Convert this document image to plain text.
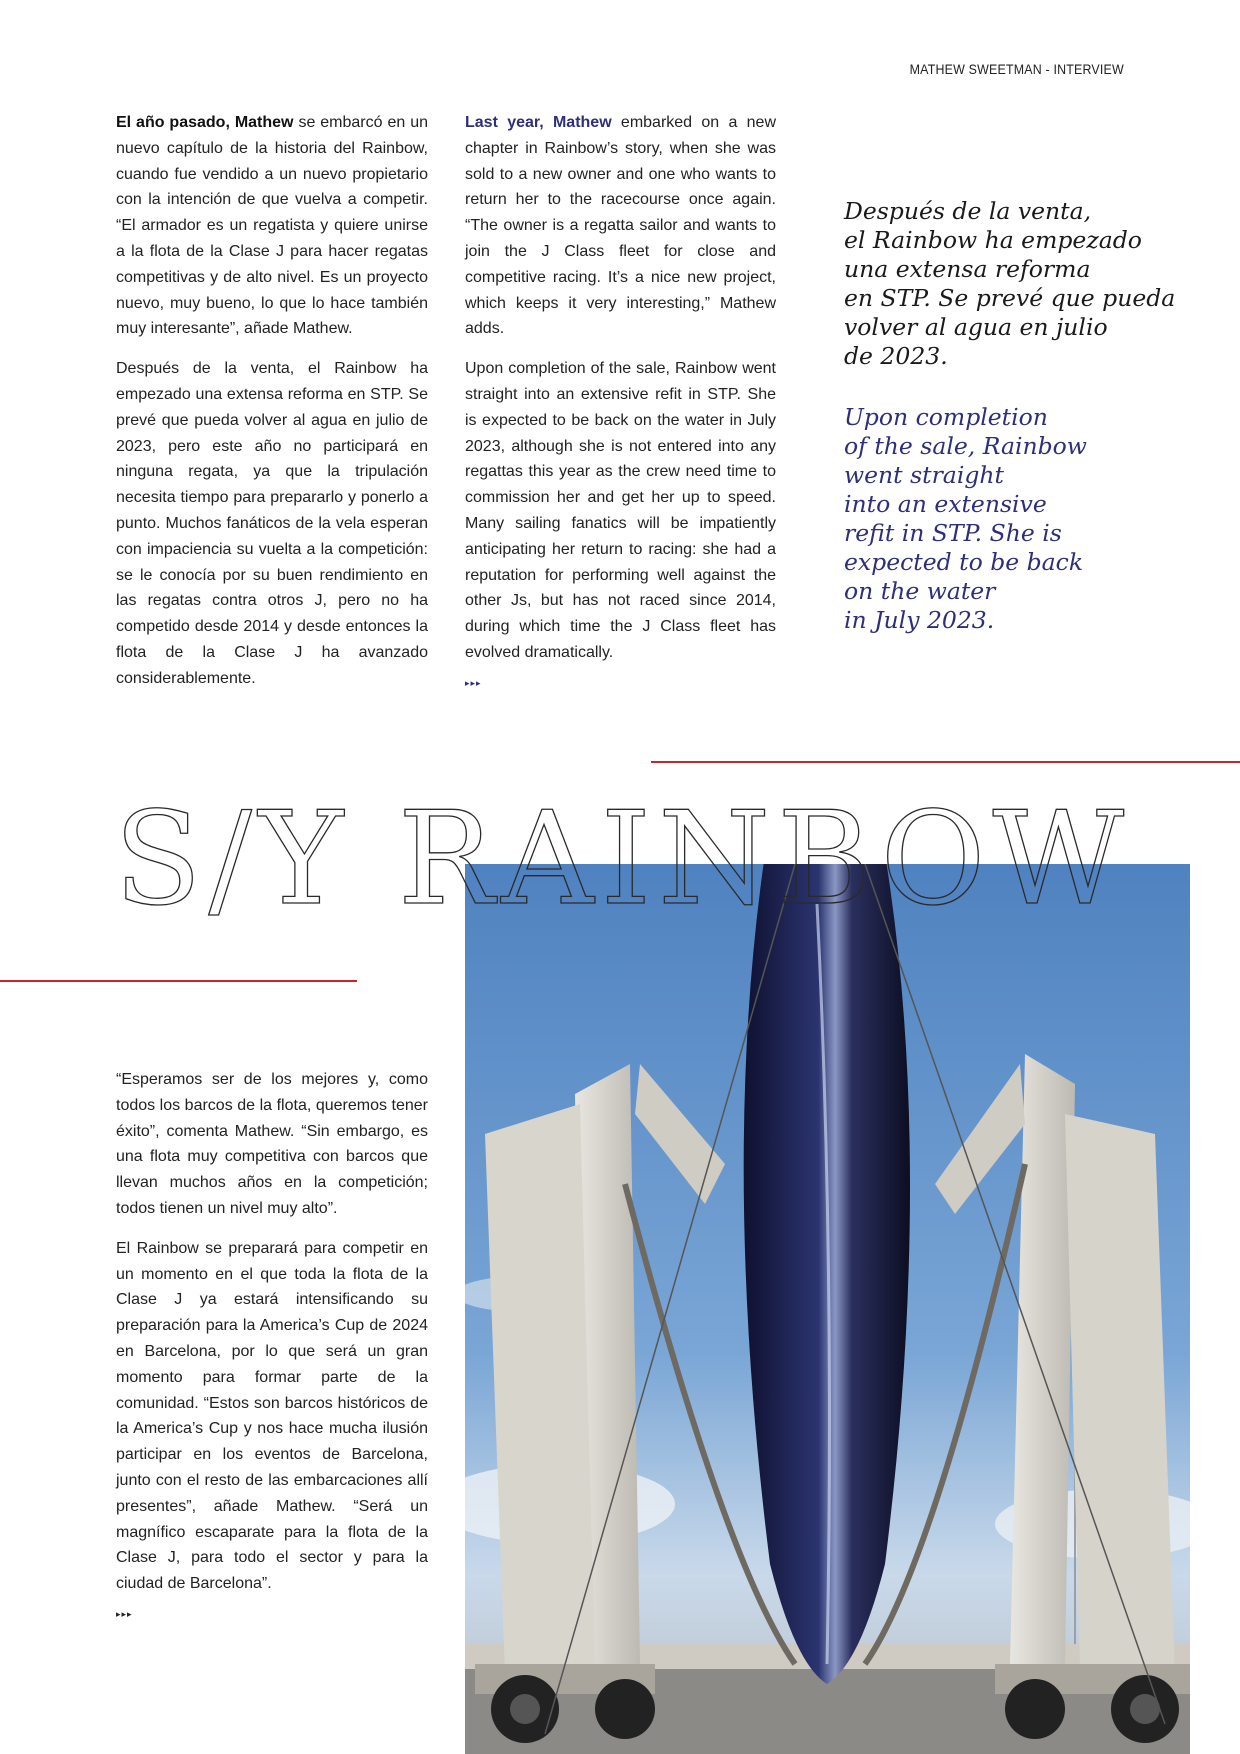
MATHEW SWEETMAN - INTERVIEW

El año pasado, Mathew se embarcó en un nuevo capítulo de la historia del Rainbow, cuando fue vendido a un nuevo propietario con la intención de que vuelva a competir. “El armador es un regatista y quiere unirse a la flota de la Clase J para hacer regatas competitivas y de alto nivel. Es un proyecto nuevo, muy bueno, lo que lo hace también muy interesante”, añade Mathew.

Después de la venta, el Rainbow ha empezado una extensa reforma en STP. Se prevé que pueda volver al agua en julio de 2023, pero este año no participará en ninguna regata, ya que la tripulación necesita tiempo para prepararlo y ponerlo a punto. Muchos fanáticos de la vela esperan con impaciencia su vuelta a la competición: se le conocía por su buen rendimiento en las regatas contra otros J, pero no ha competido desde 2014 y desde entonces la flota de la Clase J ha avanzado considerablemente.

Last year, Mathew embarked on a new chapter in Rainbow’s story, when she was sold to a new owner and one who wants to return her to the racecourse once again. “The owner is a regatta sailor and wants to join the J Class fleet for close and competitive racing. It’s a nice new project, which keeps it very interesting,” Mathew adds.

Upon completion of the sale, Rainbow went straight into an extensive refit in STP. She is expected to be back on the water in July 2023, although she is not entered into any regattas this year as the crew need time to commission her and get her up to speed. Many sailing fanatics will be impatiently anticipating her return to racing: she had a reputation for performing well against the other Js, but has not raced since 2014, during which time the J Class fleet has evolved dramatically.

▸▸▸
Después de la venta,
el Rainbow ha empezado
una extensa reforma
en STP. Se prevé que pueda
volver al agua en julio
de 2023.
Upon completion
of the sale, Rainbow
went straight
into an extensive
refit in STP. She is
expected to be back
on the water
in July 2023.
S/Y RAINBOW

“Esperamos ser de los mejores y, como todos los barcos de la flota, queremos tener éxito”, comenta Mathew. “Sin embargo, es una flota muy competitiva con barcos que llevan muchos años en la competición; todos tienen un nivel muy alto”.

El Rainbow se preparará para competir en un momento en el que toda la flota de la Clase J ya estará intensificando su preparación para la America’s Cup de 2024 en Barcelona, por lo que será un gran momento para formar parte de la comunidad. “Estos son barcos históricos de la America’s Cup y nos hace mucha ilusión participar en los eventos de Barcelona, junto con el resto de las embarcaciones allí presentes”, añade Mathew. “Será un magnífico escaparate para la flota de la Clase J, para todo el sector y para la ciudad de Barcelona”.

▸▸▸
